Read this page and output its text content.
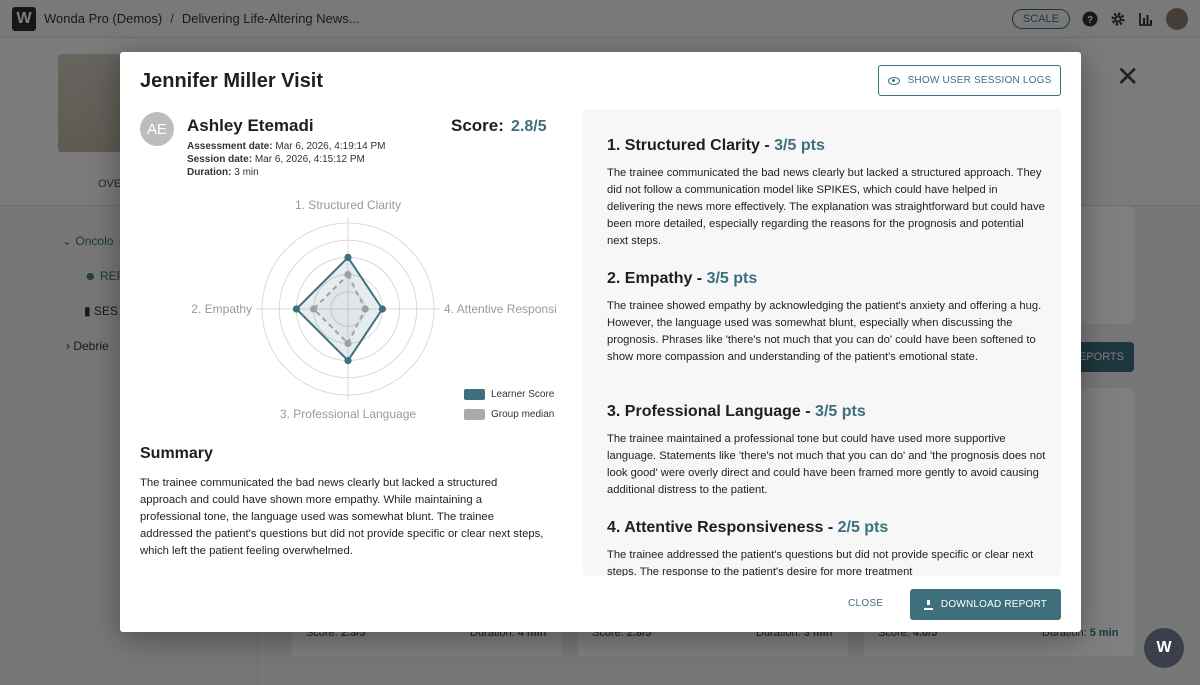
W
Jennifer Miller Visit	SHOW USER SESSION LOGS
AE	Ashley Etemadi
Assessment date: Mar 6, 2026, 4:19:14 PM
Session date: Mar 6, 2026, 4:15:12 PM
Duration: 3 min
Score: 2.8/5
1. Structured Clarity
4. Attentive Responsi
3. Professional Language
2. Empathy
Learner Score
Group median
Summary
The trainee communicated the bad news clearly but lacked a structured approach and could have shown more empathy. While maintaining a professional tone, the language used was somewhat blunt. The trainee addressed the patient's questions but did not provide specific or clear next steps, which left the patient feeling overwhelmed.
1. Structured Clarity - 3/5 pts
The trainee communicated the bad news clearly but lacked a structured approach. They did not follow a communication model like SPIKES, which could have helped in delivering the news more effectively. The explanation was straightforward but could have been more detailed, especially regarding the reasons for the prognosis and potential next steps.
2. Empathy - 3/5 pts
The trainee showed empathy by acknowledging the patient's anxiety and offering a hug. However, the language used was somewhat blunt, especially when discussing the prognosis. Phrases like 'there's not much that you can do' could have been softened to show more compassion and understanding of the patient's emotional state.
3. Professional Language - 3/5 pts
The trainee maintained a professional tone but could have used more supportive language. Statements like 'there's not much that you can do' and 'the prognosis does not look good' were overly direct and could have been framed more gently to avoid causing additional distress to the patient.
4. Attentive Responsiveness - 2/5 pts
The trainee addressed the patient's questions but did not provide specific or clear next steps. The response to the patient's desire for more treatment
CLOSE	DOWNLOAD REPORT
